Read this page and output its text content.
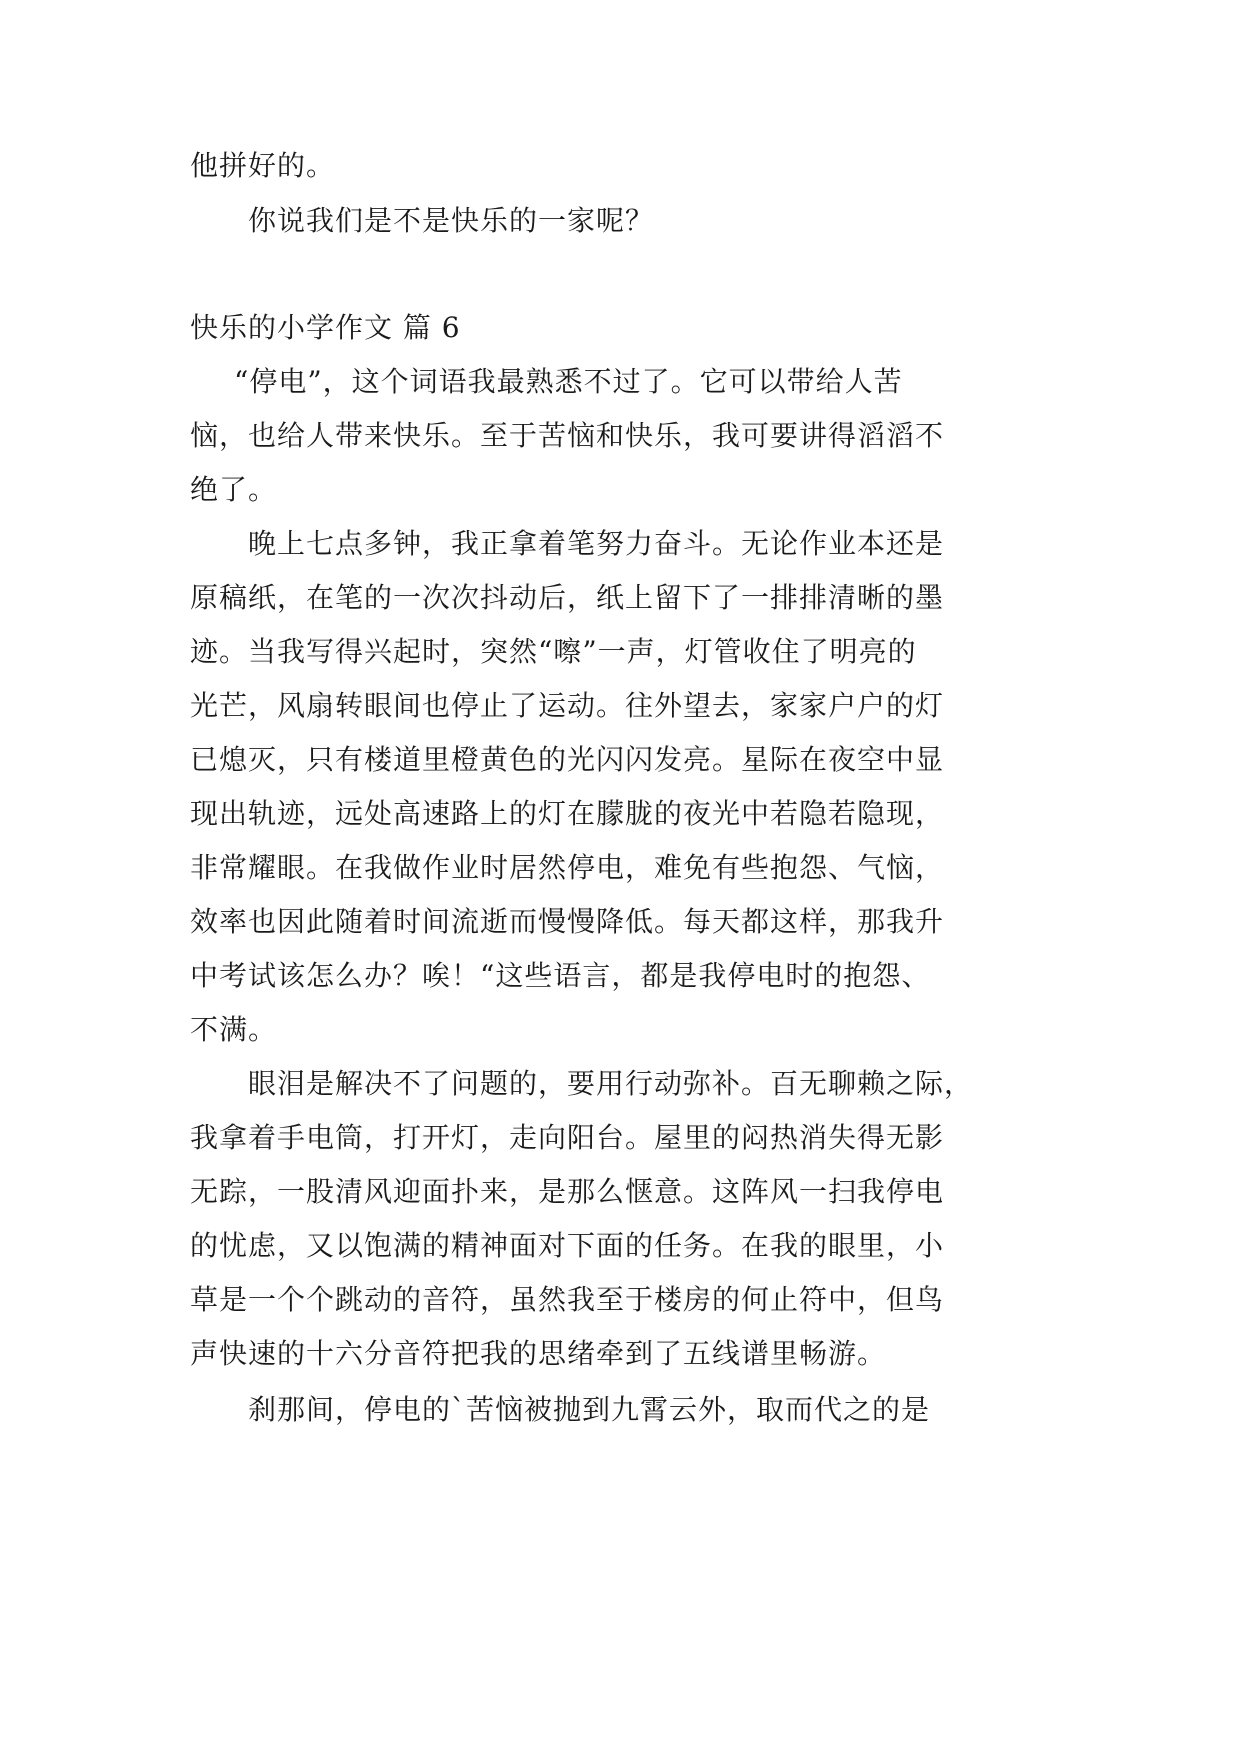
他拼好的。
你说我们是不是快乐的一家呢？
快乐的小学作文 篇 6
“停电”，这个词语我最熟悉不过了。它可以带给人苦
恼，也给人带来快乐。至于苦恼和快乐，我可要讲得滔滔不
绝了。
晚上七点多钟，我正拿着笔努力奋斗。无论作业本还是
原稿纸，在笔的一次次抖动后，纸上留下了一排排清晰的墨
迹。当我写得兴起时，突然“嚓”一声，灯管收住了明亮的
光芒，风扇转眼间也停止了运动。往外望去，家家户户的灯
已熄灭，只有楼道里橙黄色的光闪闪发亮。星际在夜空中显
现出轨迹，远处高速路上的灯在朦胧的夜光中若隐若隐现，
非常耀眼。在我做作业时居然停电，难免有些抱怨、气恼，
效率也因此随着时间流逝而慢慢降低。每天都这样，那我升
中考试该怎么办？唉！“这些语言，都是我停电时的抱怨、
不满。
眼泪是解决不了问题的，要用行动弥补。百无聊赖之际，
我拿着手电筒，打开灯，走向阳台。屋里的闷热消失得无影
无踪，一股清风迎面扑来，是那么惬意。这阵风一扫我停电
的忧虑，又以饱满的精神面对下面的任务。在我的眼里，小
草是一个个跳动的音符，虽然我至于楼房的何止符中，但鸟
声快速的十六分音符把我的思绪牵到了五线谱里畅游。
刹那间，停电的`苦恼被抛到九霄云外，取而代之的是
